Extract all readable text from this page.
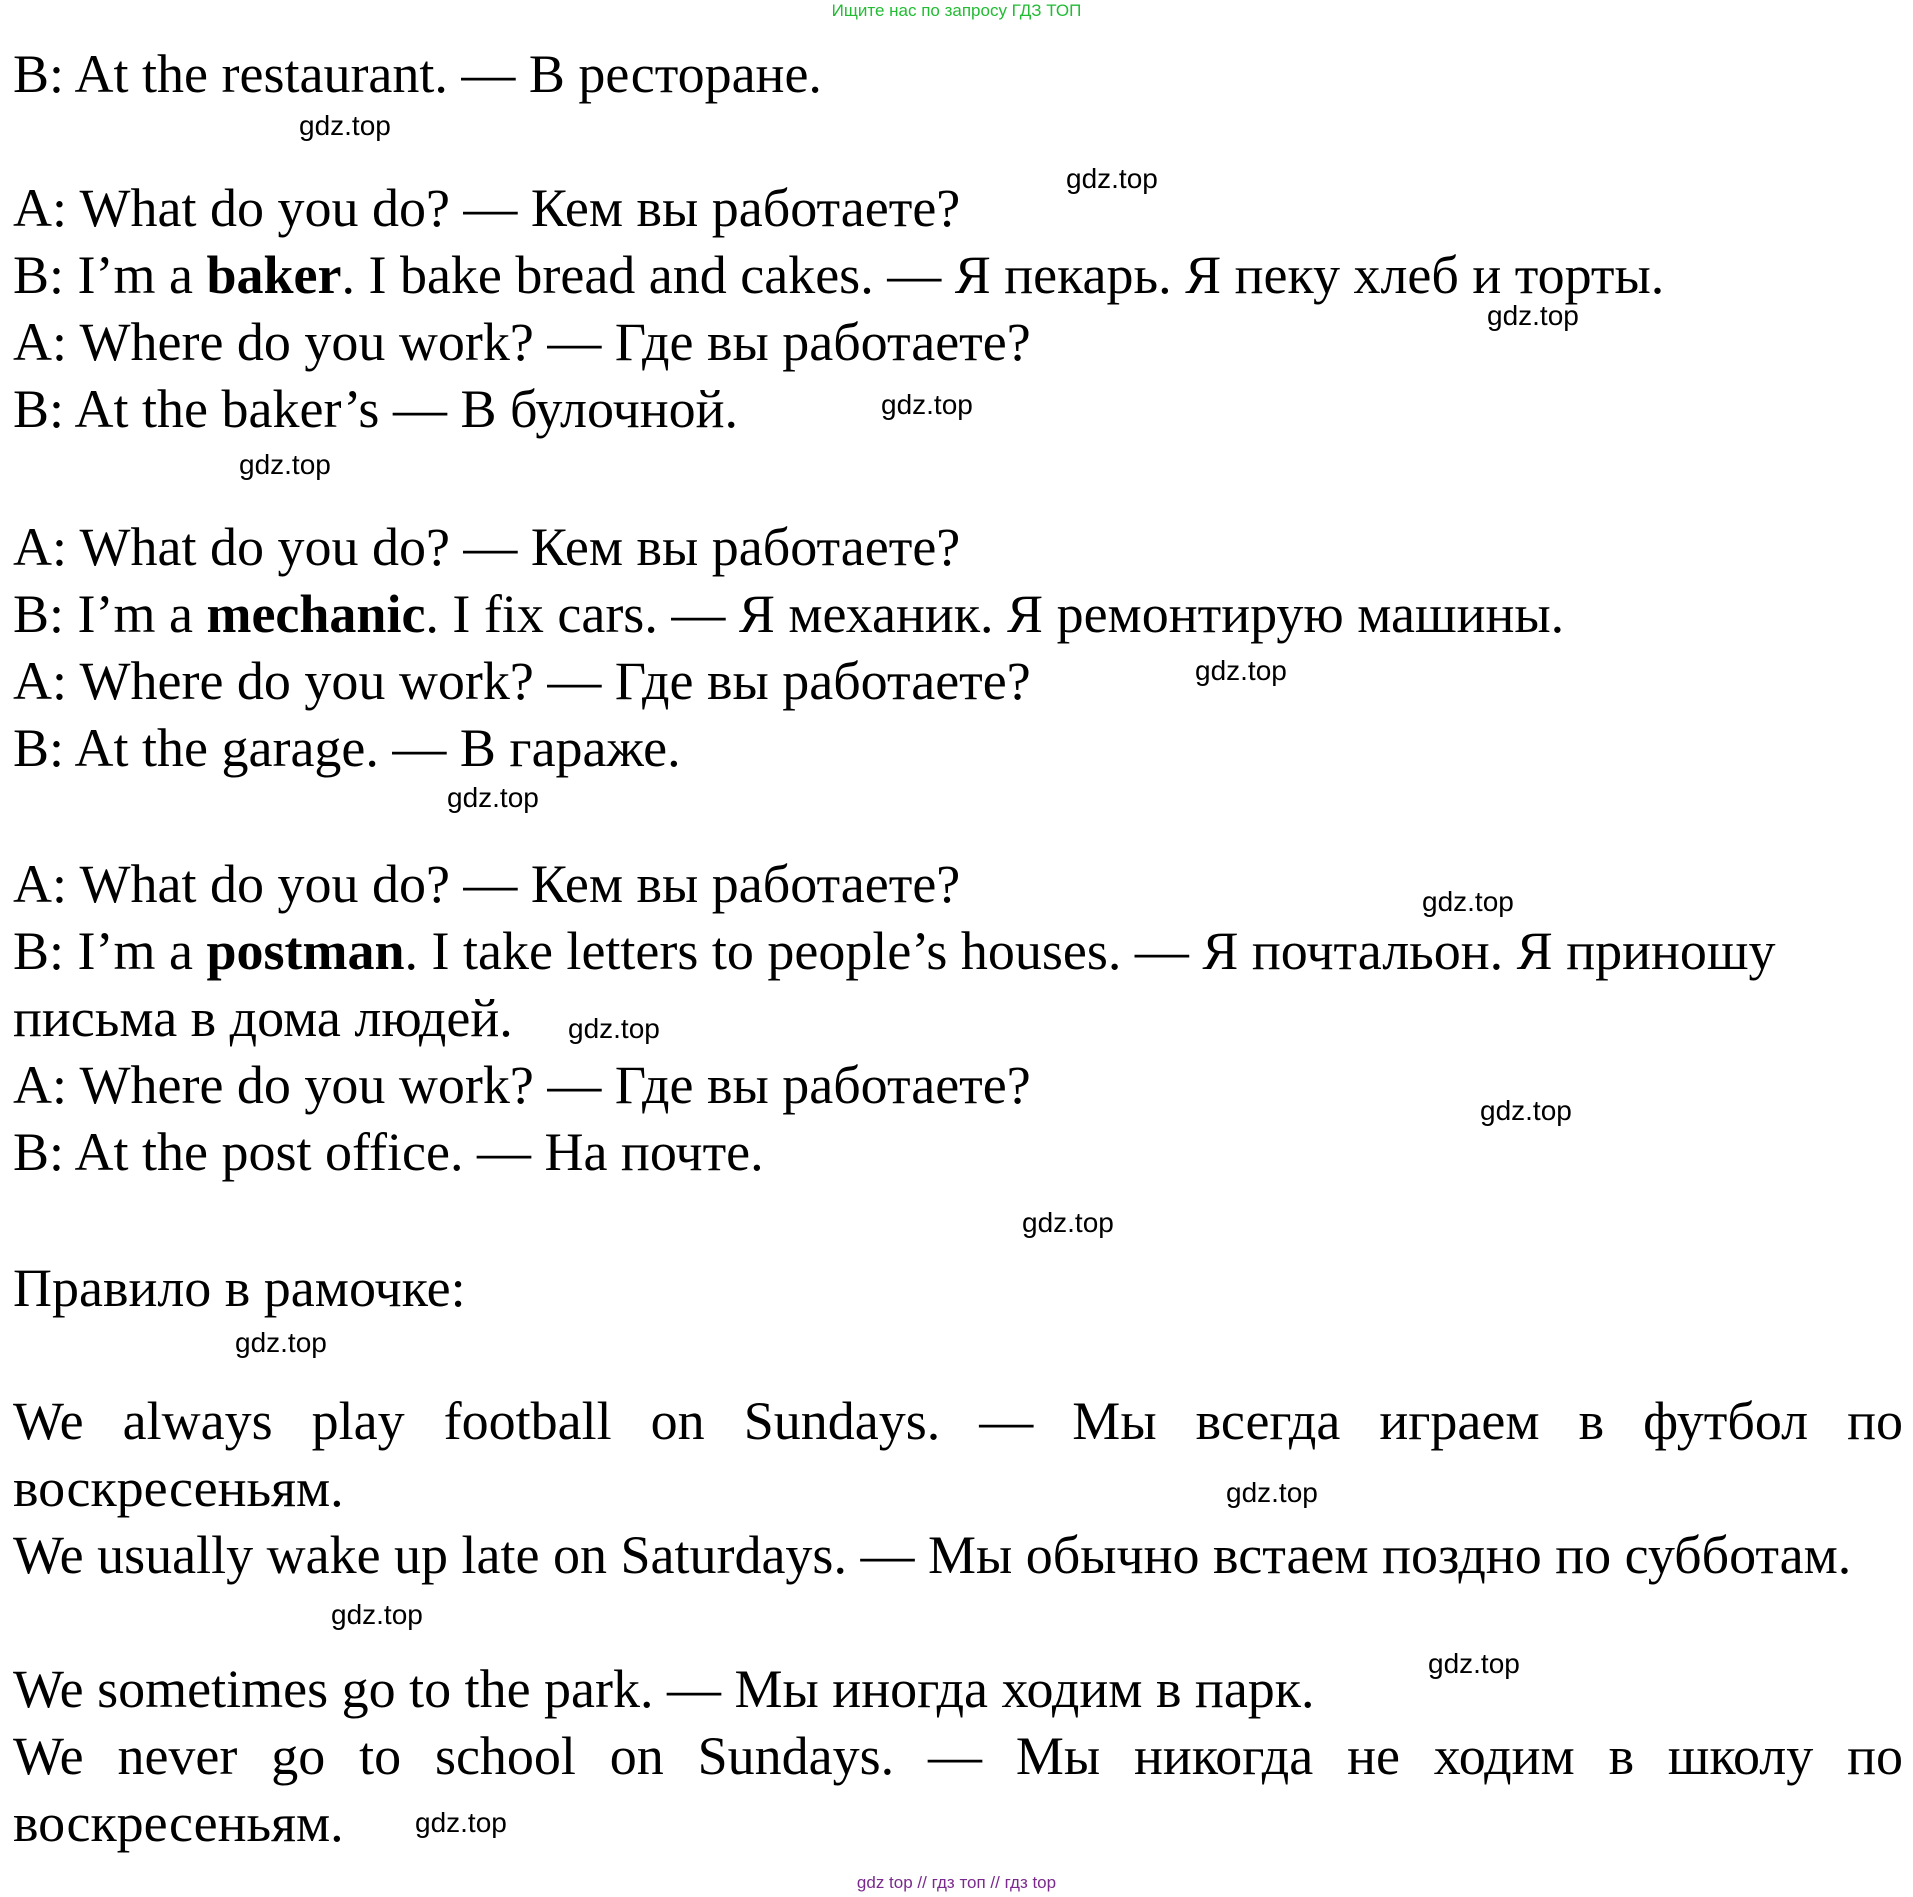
Ищите нас по запросу ГДЗ ТОП
B: At the restaurant. — В ресторане.
A: What do you do? — Кем вы работаете?
B: I’m a baker. I bake bread and cakes. — Я пекарь. Я пеку хлеб и торты.
A: Where do you work? — Где вы работаете?
B: At the baker’s — В булочной.
A: What do you do? — Кем вы работаете?
B: I’m a mechanic. I fix cars. — Я механик. Я ремонтирую машины.
A: Where do you work? — Где вы работаете?
B: At the garage. — В гараже.
A: What do you do? — Кем вы работаете?
B: I’m a postman. I take letters to people’s houses. — Я почтальон. Я приношу
письма в дома людей.
A: Where do you work? — Где вы работаете?
B: At the post office. — На почте.
Правило в рамочке:
We always play football on Sundays. — Мы всегда играем в футбол по воскресеньям.
We usually wake up late on Saturdays. — Мы обычно встаем поздно по субботам.
We sometimes go to the park. — Мы иногда ходим в парк.
We never go to school on Sundays. — Мы никогда не ходим в школу по воскресеньям.
gdz.top
gdz.top
gdz.top
gdz.top
gdz.top
gdz.top
gdz.top
gdz.top
gdz.top
gdz.top
gdz.top
gdz.top
gdz.top
gdz.top
gdz.top
gdz.top
gdz top // гдз топ // гдз top
